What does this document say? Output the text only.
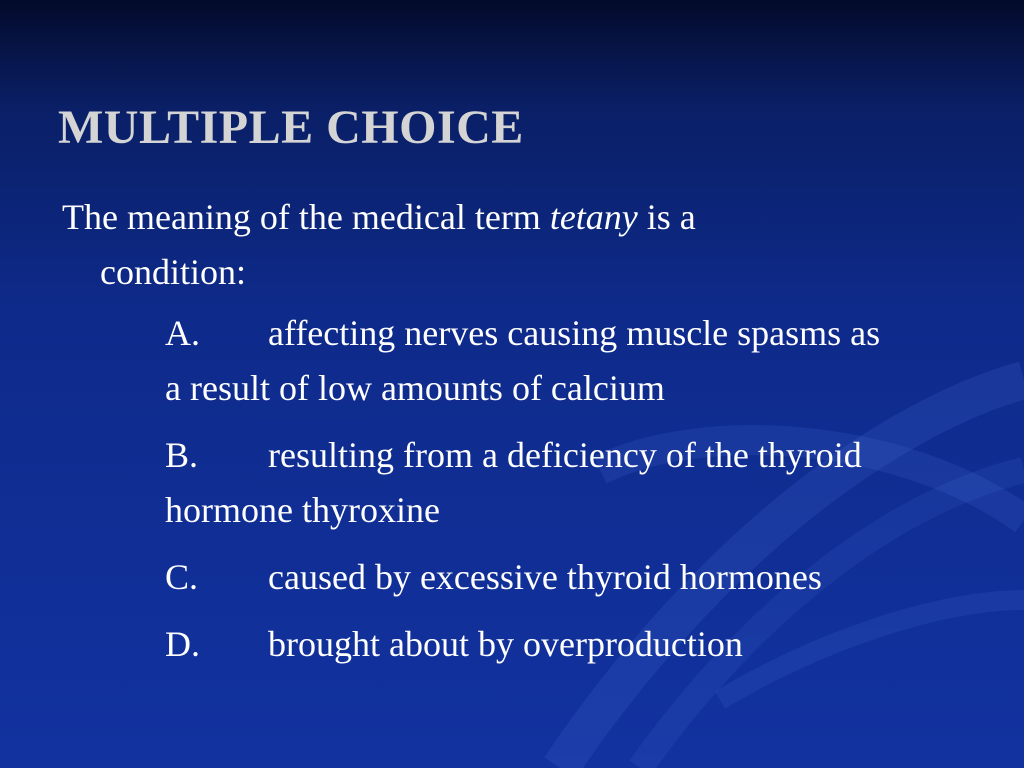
MULTIPLE CHOICE
The meaning of the medical term tetany is a
condition:
A. affecting nerves causing muscle spasms as a result of low amounts of calcium
B. resulting from a deficiency of the thyroid hormone thyroxine
C. caused by excessive thyroid hormones
D. brought about by overproduction
